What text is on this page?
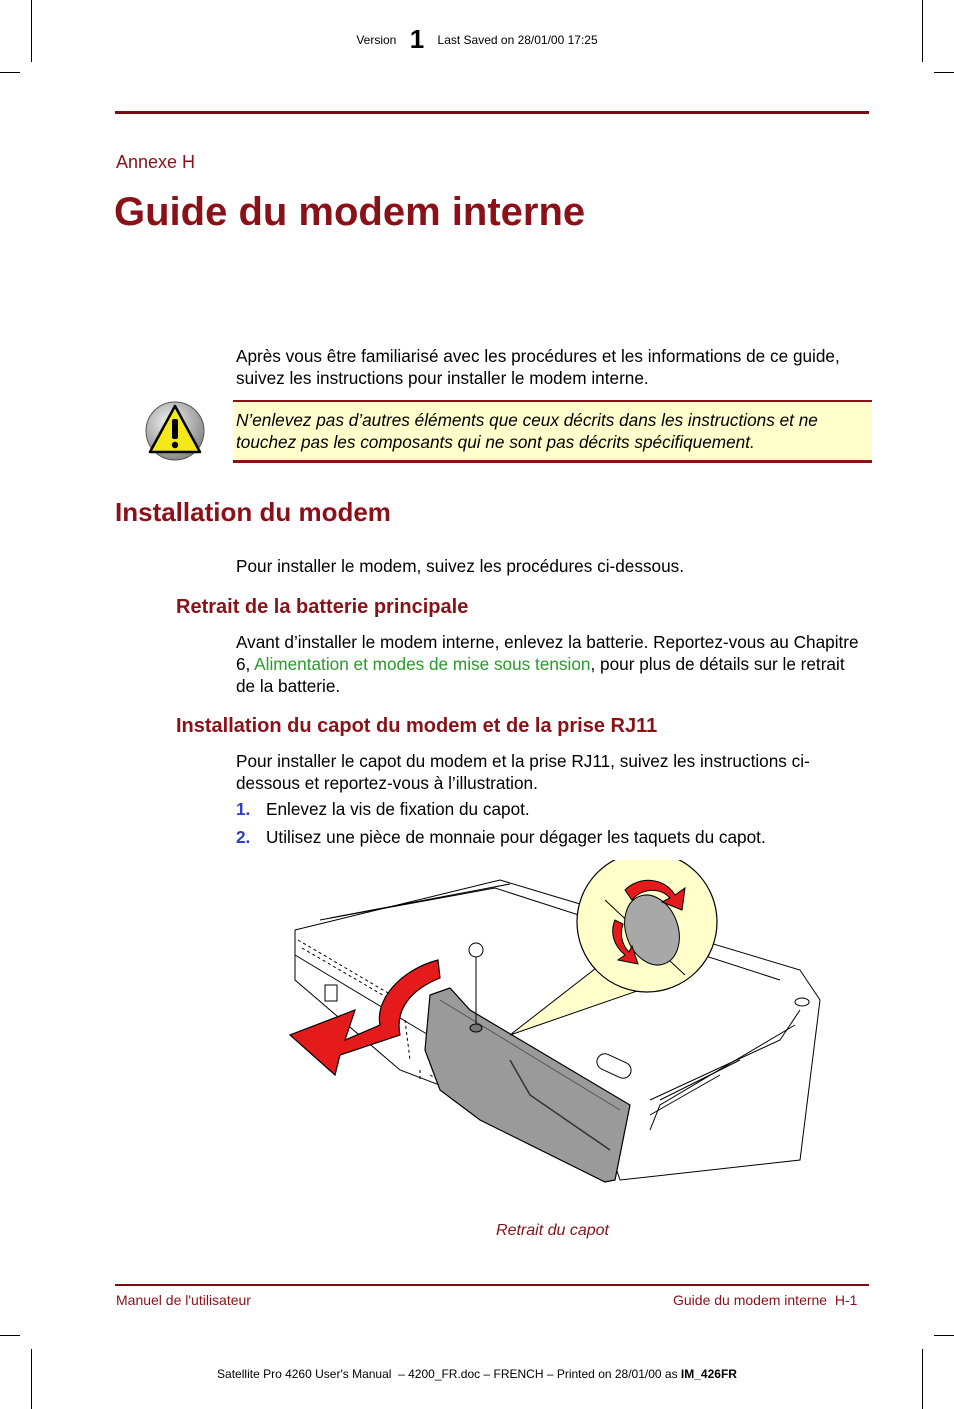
Version 1 Last Saved on 28/01/00 17:25
Annexe H
Guide du modem interne
Après vous être familiarisé avec les procédures et les informations de ce guide, suivez les instructions pour installer le modem interne.
N’enlevez pas d’autres éléments que ceux décrits dans les instructions et ne touchez pas les composants qui ne sont pas décrits spécifiquement.
Installation du modem
Pour installer le modem, suivez les procédures ci-dessous.
Retrait de la batterie principale
Avant d’installer le modem interne, enlevez la batterie. Reportez-vous au Chapitre 6, Alimentation et modes de mise sous tension, pour plus de détails sur le retrait de la batterie.
Installation du capot du modem et de la prise RJ11
Pour installer le capot du modem et la prise RJ11, suivez les instructions ci-dessous et reportez-vous à l’illustration.
1. Enlevez la vis de fixation du capot.
2. Utilisez une pièce de monnaie pour dégager les taquets du capot.
Retrait du capot
Manuel de l'utilisateur	Guide du modem interne  H-1
Satellite Pro 4260 User's Manual  – 4200_FR.doc – FRENCH – Printed on 28/01/00 as IM_426FR
